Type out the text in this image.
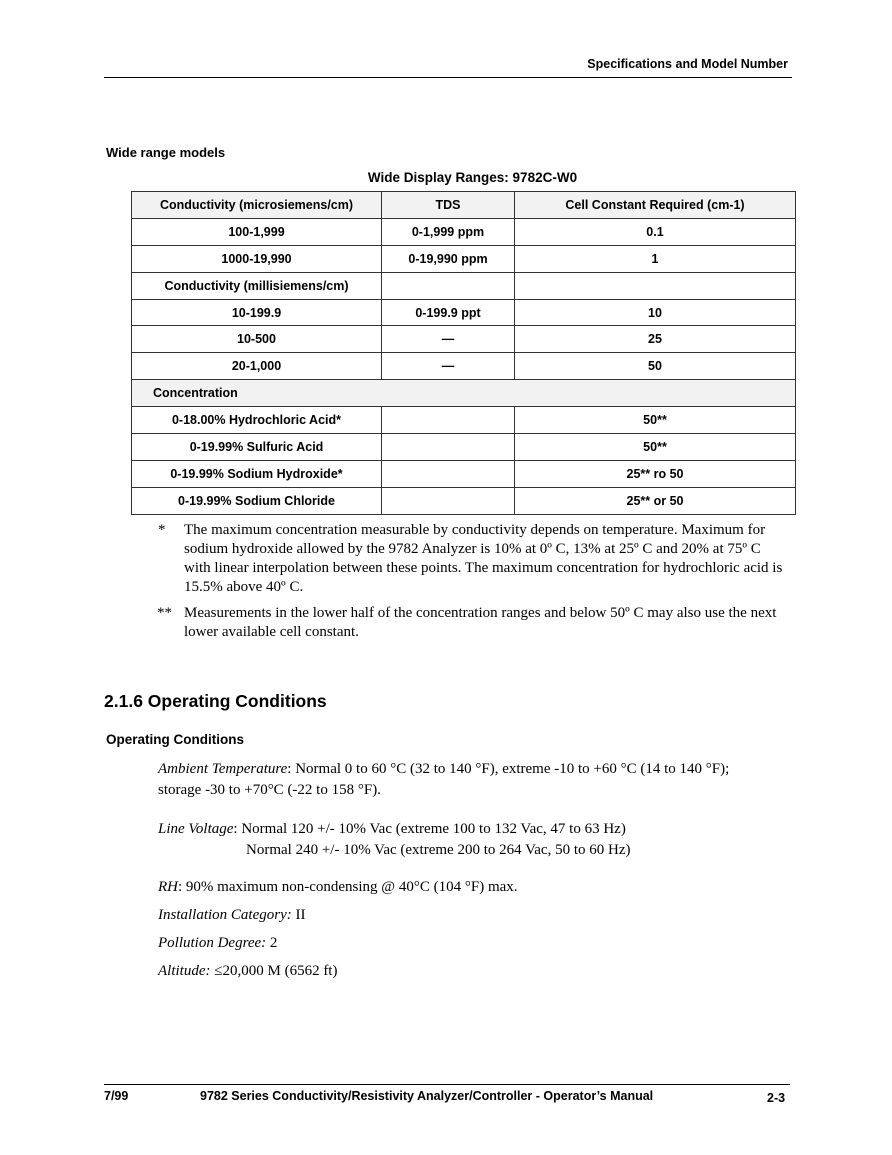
Specifications and Model Number
Wide range models
Wide Display Ranges: 9782C-W0
Conductivity (microsiemens/cm)	TDS	Cell Constant Required (cm-1)
100-1,999	0-1,999 ppm	0.1
1000-19,990	0-19,990 ppm	1
Conductivity (millisiemens/cm)		
10-199.9	0-199.9 ppt	10
10-500	—	25
20-1,000	—	50
Concentration		
0-18.00% Hydrochloric Acid*		50**
0-19.99% Sulfuric Acid		50**
0-19.99% Sodium Hydroxide*		25** ro 50
0-19.99% Sodium Chloride		25** or 50
* The maximum concentration measurable by conductivity depends on temperature. Maximum for sodium hydroxide allowed by the 9782 Analyzer is 10% at 0º C, 13% at 25º C and 20% at 75º C with linear interpolation between these points. The maximum concentration for hydrochloric acid is 15.5% above 40º C.
** Measurements in the lower half of the concentration ranges and below 50º C may also use the next lower available cell constant.
2.1.6 Operating Conditions
Operating Conditions
Ambient Temperature: Normal 0 to 60 °C (32 to 140 °F), extreme -10 to +60 °C (14 to 140 °F);
storage -30 to +70°C (-22 to 158 °F).
Line Voltage: Normal 120 +/- 10% Vac (extreme 100 to 132 Vac, 47 to 63 Hz)
Normal 240 +/- 10% Vac (extreme 200 to 264 Vac, 50 to 60 Hz)
RH: 90% maximum non-condensing @ 40°C (104 °F) max.
Installation Category: II
Pollution Degree: 2
Altitude: ≤20,000 M (6562 ft)
7/99	9782 Series Conductivity/Resistivity Analyzer/Controller - Operator’s Manual	2-3
